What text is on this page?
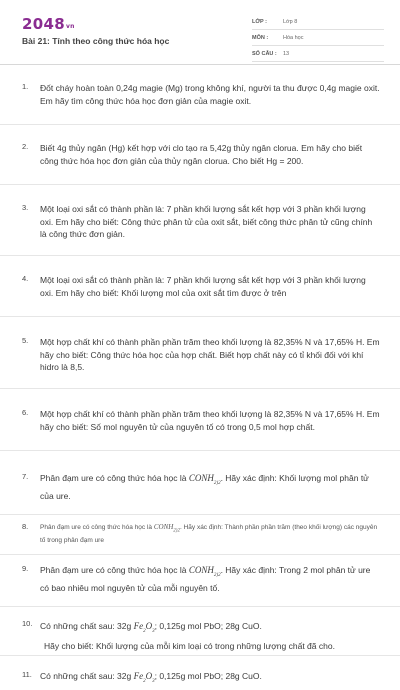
2048vn
Bài 21: Tính theo công thức hóa học
LỚP :	Lớp 8
MÔN :	Hóa học
SỐ CÂU :	13
1. Đốt cháy hoàn toàn 0,24g magie (Mg) trong không khí, người ta thu được 0,4g magie oxit. Em hãy tìm công thức hóa học đơn giản của magie oxit.
2. Biết 4g thủy ngân (Hg) kết hợp với clo tạo ra 5,42g thủy ngân clorua. Em hãy cho biết công thức hóa học đơn giản của thủy ngân clorua. Cho biết Hg = 200.
3. Một loại oxi sắt có thành phần là: 7 phần khối lượng sắt kết hợp với 3 phần khối lượng oxi. Em hãy cho biết: Công thức phân tử của oxit sắt, biết công thức phân tử cũng chính là công thức đơn giản.
4. Một loại oxi sắt có thành phần là: 7 phần khối lượng sắt kết hợp với 3 phần khối lượng oxi. Em hãy cho biết: Khối lượng mol của oxit sắt tìm được ở trên
5. Một hợp chất khí có thành phần phần trăm theo khối lượng là 82,35% N và 17,65% H. Em hãy cho biết: Công thức hóa học của hợp chất. Biết hợp chất này có tỉ khối đối với khí hidro là 8,5.
6. Một hợp chất khí có thành phần phần trăm theo khối lượng là 82,35% N và 17,65% H. Em hãy cho biết: Số mol nguyên tử của nguyên tố có trong 0,5 mol hợp chất.
7. Phân đạm ure có công thức hóa học là $CONH_{2)2}$. Hãy xác định: Khối lượng mol phân tử của ure.
8. Phân đạm ure có công thức hóa học là $CONH_{2)2}$. Hãy xác định: Thành phần phần trăm (theo khối lượng) các nguyên tố trong phân đạm ure
9. Phân đạm ure có công thức hóa học là $CONH_{2)2}$. Hãy xác định: Trong 2 mol phân tử ure có bao nhiêu mol nguyên tử của mỗi nguyên tố.
10. Có những chất sau: 32g $Fe_2O_3$; 0,125g mol PbO; 28g CuO.
Hãy cho biết: Khối lượng của mỗi kim loại có trong những lượng chất đã cho.
11. Có những chất sau: 32g $Fe_2O_3$; 0,125g mol PbO; 28g CuO.
